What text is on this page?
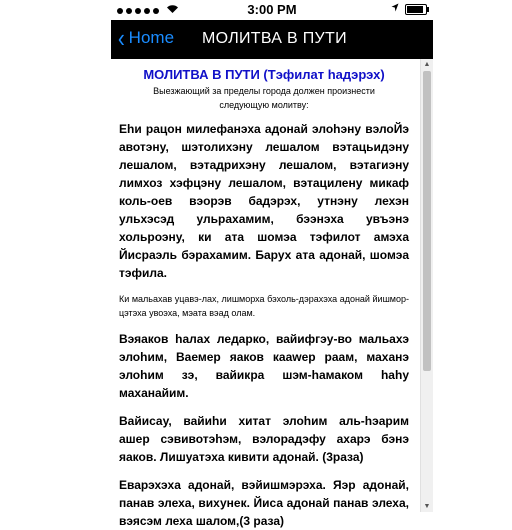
3:00 PM
‹ Home МОЛИТВА В ПУТИ
МОЛИТВА В ПУТИ (Тэфилат hадэрэх)
Выезжающий за пределы города должен произнести следующую молитву:

Еhи рацон милефанэха адонай элоhэну вэлоЙэ авотэну, шэтолихэну лешалом вэтацьидэну лешалом, вэтадрихэну лешалом, вэтагиэну лимхоз хэфцэну лешалом, вэтацилену микаф коль-оев вэорэв бадэрэх, утнэну лехэн ульхэсэд ульрахамим, бээнэха увъэнэ хольроэну, ки ата шомэа тэфилот амэха Йисраэль бэрахамим. Барух ата адонай, шомэа тэфила.

Ки мальахав уцавэ-лах, лишморха бэхоль-дэрахэха адонай йишмор-цэтэха увоэха, мэата вэад олам.

Вэяаков hалах ледарко, вайифгэу-во мальахэ элоhим, Ваемер яаков кааwер раам, маханэ элоhим зэ, вайикра шэм-hамаком hаhу маханайим.

Вайисау, вайиhи хитат элоhим аль-hэарим ашер сэвивотэhэм, вэлорадэфу ахарэ бэнэ яаков. Лишуатэха кивити адонай. (3раза)

Еварэхэха адонай, вэйишмэрэха. Яэр адонай, панав элеха, вихунек. Йиса адонай панав элеха, вэясэм леха шалом,(3 раза)

▲
▼
